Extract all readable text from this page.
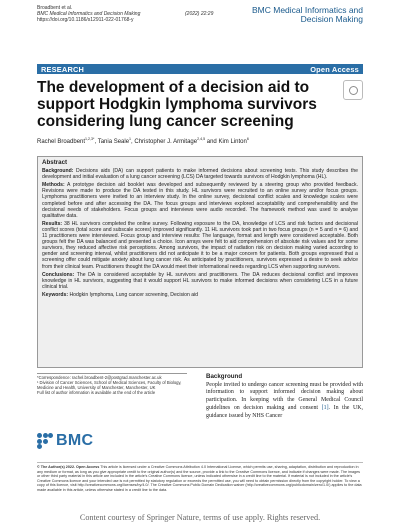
Broadbent et al.
BMC Medical Informatics and Decision Making	(2022) 22:29
https://doi.org/10.1186/s12911-022-01768-y
BMC Medical Informatics and Decision Making
RESEARCH	Open Access
The development of a decision aid to support Hodgkin lymphoma survivors considering lung cancer screening
Rachel Broadbent$^{1,2,3*}$, Tania Seale$^1$, Christopher J. Armitage$^{2,4,5}$ and Kim Linton$^6$
Abstract

Background: Decisions aids (DA) can support patients to make informed decisions about screening tests. This study describes the development and initial evaluation of a lung cancer screening (LCS) DA targeted towards survivors of Hodgkin lymphoma (HL).

Methods: A prototype decision aid booklet was developed and subsequently reviewed by a steering group who provided feedback. Revisions were made to produce the DA tested in this study. HL survivors were recruited to an online survey and/or focus groups. Lymphoma practitioners were invited to an interview study. In the online survey, decisional conflict scales and knowledge scales were completed before and after accessing the DA. The focus groups and interviews explored acceptability and comprehensibility and the decisional needs of stakeholders. Focus groups and interviews were audio recorded. The framework method was used to analyse qualitative data.

Results: 38 HL survivors completed the online survey. Following exposure to the DA, knowledge of LCS and risk factors and decisional conflict scores (total score and subscale scores) improved significantly. 11 HL survivors took part in two focus groups (n = 5 and n = 6) and 11 practitioners were interviewed. Focus group and interview results: The language, format and length were considered acceptable. Both groups felt the DA was balanced and presented a choice. Icon arrays were felt to aid comprehension of absolute risk values and for some survivors, they reduced affective risk perceptions. Among survivors, the impact of radiation risk on decision making varied according to gender and screening interval, whilst practitioners did not anticipate it to be a major concern for patients. Both groups expressed that a screening offer could mitigate anxiety about lung cancer risk. As anticipated by practitioners, survivors expressed a desire to seek advice from their clinical team. Practitioners thought the DA would meet their informational needs regarding LCS when supporting survivors.

Conclusions: The DA is considered acceptable by HL survivors and practitioners. The DA reduces decisional conflict and improves knowledge in HL survivors, suggesting that it would support HL survivors to make informed decisions when considering LCS in a future clinical trial.

Keywords: Hodgkin lymphoma, Lung cancer screening, Decision aid

*Correspondence: rachel.broadbent-2@postgrad.manchester.ac.uk
¹ Division of Cancer Sciences, School of Medical Sciences, Faculty of Biology, Medicine and Health, University of Manchester, Manchester, UK
Full list of author information is available at the end of the article
BMC
Background
People invited to undergo cancer screening must be provided with information to support informed decision making about participation. In keeping with the General Medical Council guidelines on decision making and consent [1]. In the UK, guidance issued by NHS Cancer
© The Author(s) 2022. Open Access This article is licensed under a Creative Commons Attribution 4.0 International License, which permits use, sharing, adaptation, distribution and reproduction in any medium or format, as long as you give appropriate credit to the original author(s) and the source, provide a link to the Creative Commons licence, and indicate if changes were made. The images or other third party material in this article are included in the article's Creative Commons licence, unless indicated otherwise in a credit line to the material. If material is not included in the article's Creative Commons licence and your intended use is not permitted by statutory regulation or exceeds the permitted use, you will need to obtain permission directly from the copyright holder. To view a copy of this licence, visit http://creativecommons.org/licenses/by/4.0/. The Creative Commons Public Domain Dedication waiver (http://creativecommons.org/publicdomain/zero/1.0/) applies to the data made available in this article, unless otherwise stated in a credit line to the data.
Content courtesy of Springer Nature, terms of use apply. Rights reserved.
